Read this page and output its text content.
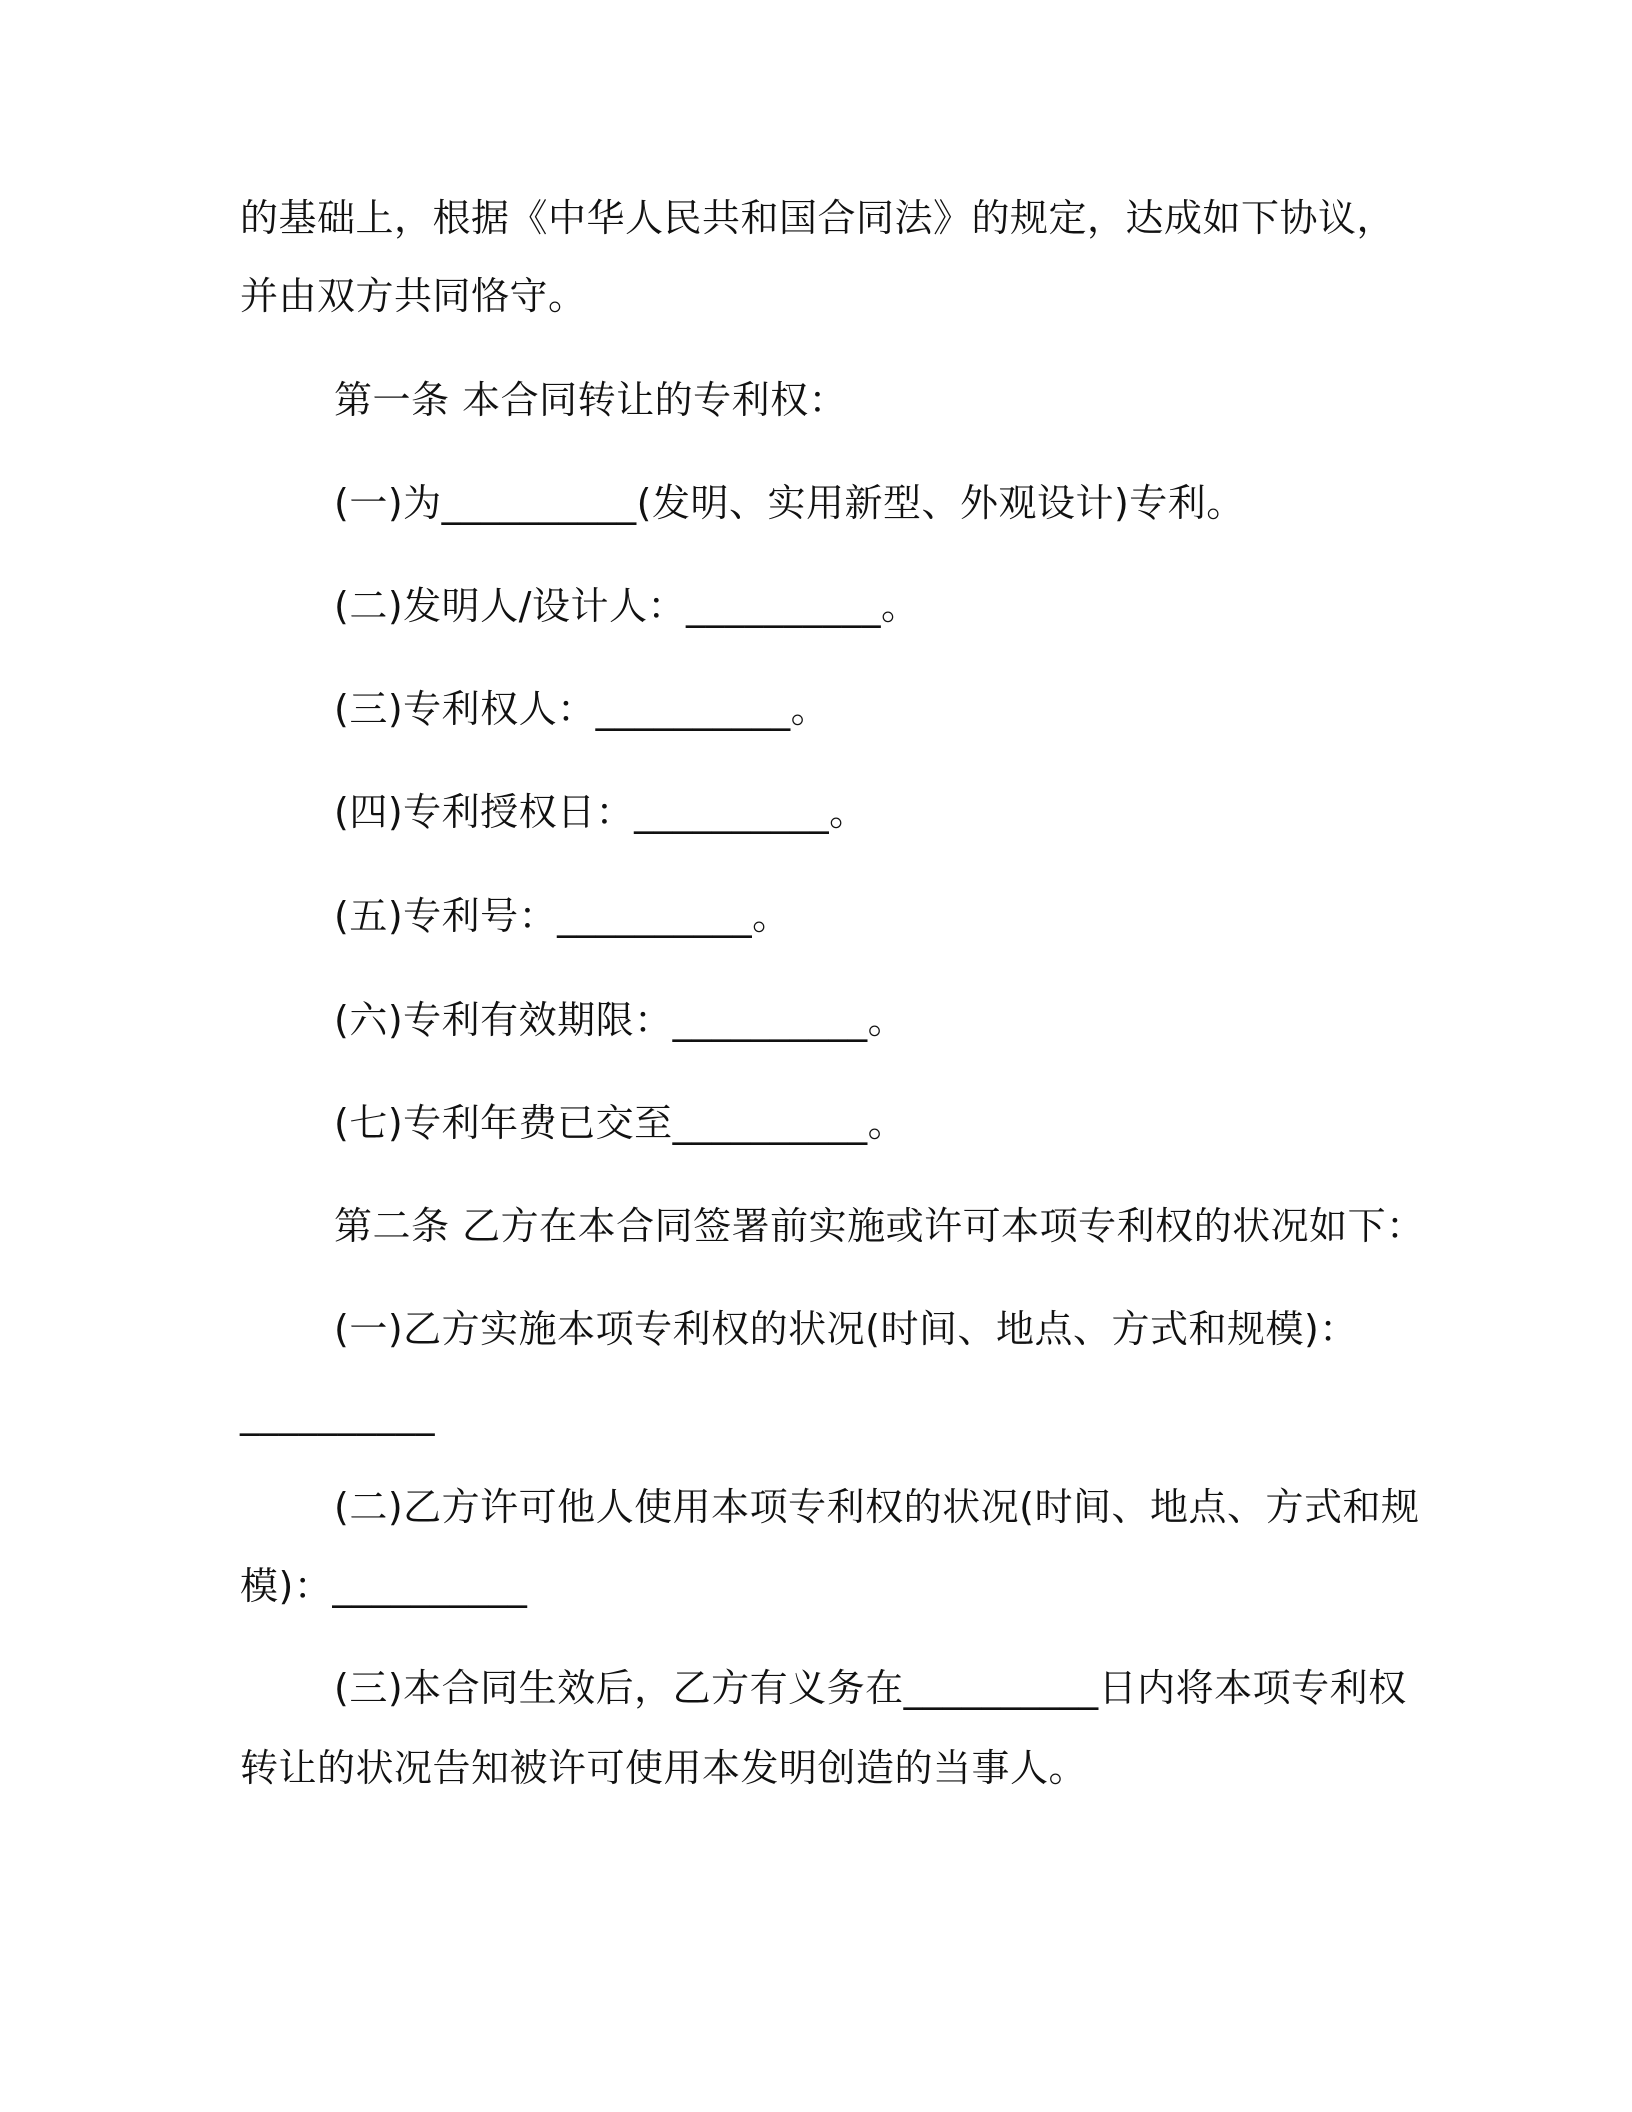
的基础上，根据《中华人民共和国合同法》的规定，达成如下协议，
并由双方共同恪守。
第一条 本合同转让的专利权：
(一)为__________(发明、实用新型、外观设计)专利。
(二)发明人/设计人：__________。
(三)专利权人：__________。
(四)专利授权日：__________。
(五)专利号：__________。
(六)专利有效期限：__________。
(七)专利年费已交至__________。
第二条 乙方在本合同签署前实施或许可本项专利权的状况如下：
(一)乙方实施本项专利权的状况(时间、地点、方式和规模)：
__________
(二)乙方许可他人使用本项专利权的状况(时间、地点、方式和规
模)：__________
(三)本合同生效后，乙方有义务在__________日内将本项专利权
转让的状况告知被许可使用本发明创造的当事人。
